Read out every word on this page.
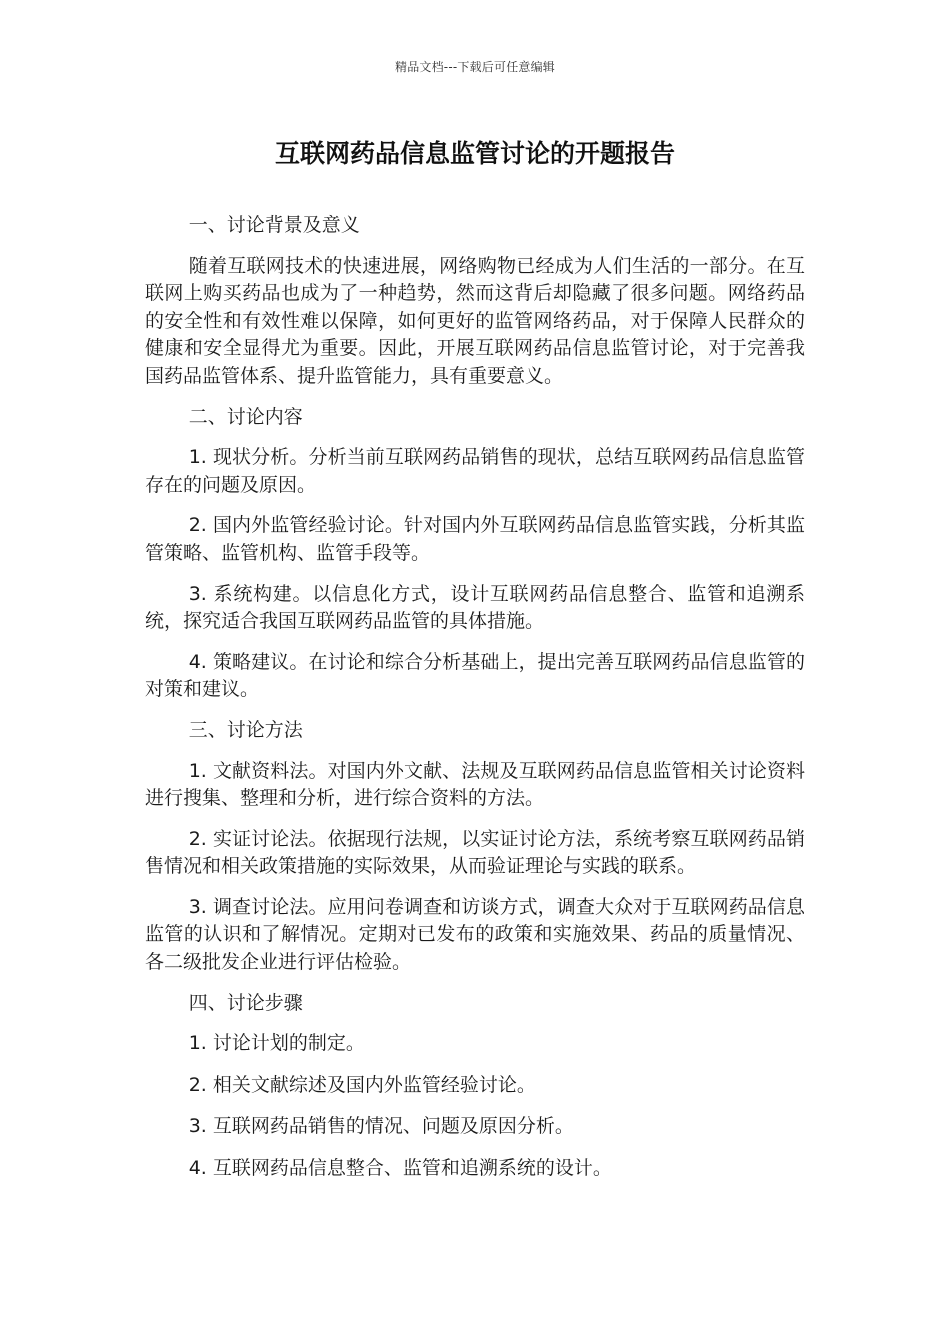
精品文档---下载后可任意编辑
互联网药品信息监管讨论的开题报告

一、讨论背景及意义

随着互联网技术的快速进展，网络购物已经成为人们生活的一部分。在互联网上购买药品也成为了一种趋势，然而这背后却隐藏了很多问题。网络药品的安全性和有效性难以保障，如何更好的监管网络药品，对于保障人民群众的健康和安全显得尤为重要。因此，开展互联网药品信息监管讨论，对于完善我国药品监管体系、提升监管能力，具有重要意义。

二、讨论内容

1. 现状分析。分析当前互联网药品销售的现状，总结互联网药品信息监管存在的问题及原因。

2. 国内外监管经验讨论。针对国内外互联网药品信息监管实践，分析其监管策略、监管机构、监管手段等。

3. 系统构建。以信息化方式，设计互联网药品信息整合、监管和追溯系统，探究适合我国互联网药品监管的具体措施。

4. 策略建议。在讨论和综合分析基础上，提出完善互联网药品信息监管的对策和建议。

三、讨论方法

1. 文献资料法。对国内外文献、法规及互联网药品信息监管相关讨论资料进行搜集、整理和分析，进行综合资料的方法。

2. 实证讨论法。依据现行法规，以实证讨论方法，系统考察互联网药品销售情况和相关政策措施的实际效果，从而验证理论与实践的联系。

3. 调查讨论法。应用问卷调查和访谈方式，调查大众对于互联网药品信息监管的认识和了解情况。定期对已发布的政策和实施效果、药品的质量情况、各二级批发企业进行评估检验。

四、讨论步骤

1. 讨论计划的制定。

2. 相关文献综述及国内外监管经验讨论。

3. 互联网药品销售的情况、问题及原因分析。

4. 互联网药品信息整合、监管和追溯系统的设计。
